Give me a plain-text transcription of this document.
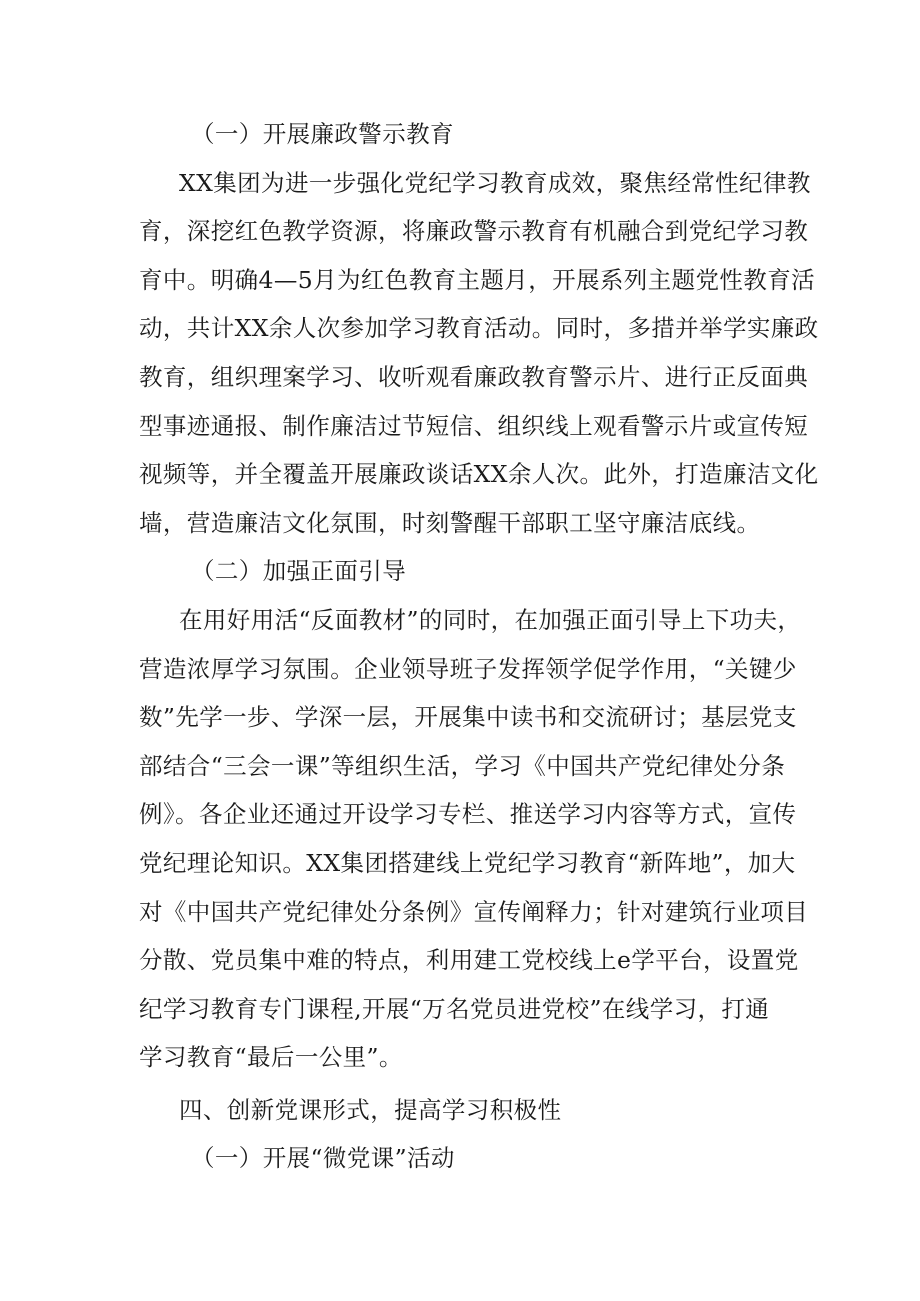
（一）开展廉政警示教育
XX集团为进一步强化党纪学习教育成效，聚焦经常性纪律教
育，深挖红色教学资源，将廉政警示教育有机融合到党纪学习教
育中。明确4—5月为红色教育主题月，开展系列主题党性教育活
动，共计XX余人次参加学习教育活动。同时，多措并举学实廉政
教育，组织理案学习、收听观看廉政教育警示片、进行正反面典
型事迹通报、制作廉洁过节短信、组织线上观看警示片或宣传短
视频等，并全覆盖开展廉政谈话XX余人次。此外，打造廉洁文化
墙，营造廉洁文化氛围，时刻警醒干部职工坚守廉洁底线。
（二）加强正面引导
在用好用活“反面教材”的同时，在加强正面引导上下功夫，
营造浓厚学习氛围。企业领导班子发挥领学促学作用，“关键少
数”先学一步、学深一层，开展集中读书和交流研讨；基层党支
部结合“三会一课”等组织生活，学习《中国共产党纪律处分条
例》。各企业还通过开设学习专栏、推送学习内容等方式，宣传
党纪理论知识。XX集团搭建线上党纪学习教育“新阵地”，加大
对《中国共产党纪律处分条例》宣传阐释力；针对建筑行业项目
分散、党员集中难的特点，利用建工党校线上e学平台，设置党
纪学习教育专门课程,开展“万名党员进党校”在线学习，打通
学习教育“最后一公里”。
四、创新党课形式，提高学习积极性
（一）开展“微党课”活动
